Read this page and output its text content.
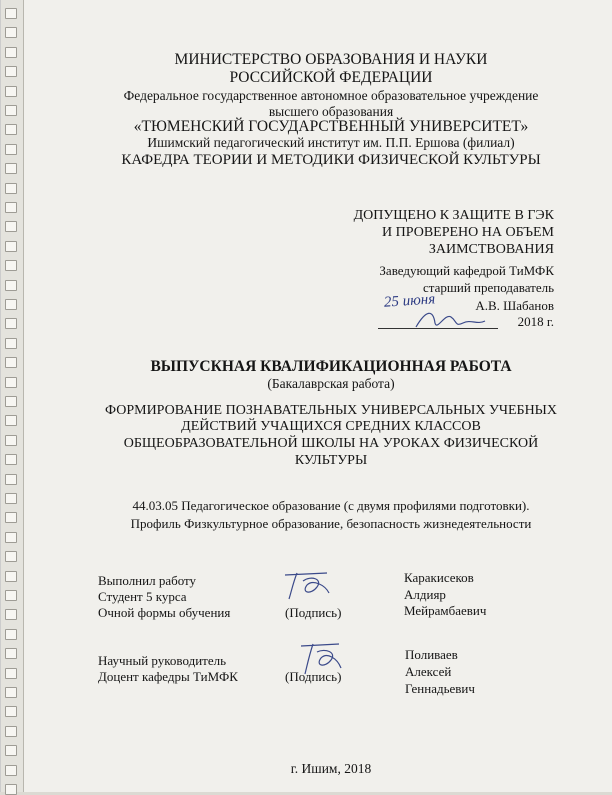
МИНИСТЕРСТВО ОБРАЗОВАНИЯ И НАУКИ
РОССИЙСКОЙ ФЕДЕРАЦИИ
Федеральное государственное автономное образовательное учреждение
высшего образования
«ТЮМЕНСКИЙ ГОСУДАРСТВЕННЫЙ УНИВЕРСИТЕТ»
Ишимский педагогический институт им. П.П. Ершова (филиал)
КАФЕДРА ТЕОРИИ И МЕТОДИКИ ФИЗИЧЕСКОЙ КУЛЬТУРЫ
ДОПУЩЕНО К ЗАЩИТЕ В ГЭК
И ПРОВЕРЕНО НА ОБЪЕМ
ЗАИМСТВОВАНИЯ
Заведующий кафедрой ТиМФК
старший преподаватель
25 июня	А.В. Шабанов
2018 г.
ВЫПУСКНАЯ КВАЛИФИКАЦИОННАЯ РАБОТА
(Бакалаврская работа)
ФОРМИРОВАНИЕ ПОЗНАВАТЕЛЬНЫХ УНИВЕРСАЛЬНЫХ УЧЕБНЫХ
ДЕЙСТВИЙ УЧАЩИХСЯ СРЕДНИХ КЛАССОВ
ОБЩЕОБРАЗОВАТЕЛЬНОЙ ШКОЛЫ НА УРОКАХ ФИЗИЧЕСКОЙ
КУЛЬТУРЫ
44.03.05 Педагогическое образование (с двумя профилями подготовки).
Профиль Физкультурное образование, безопасность жизнедеятельности
Выполнил работу
Студент 5 курса
Очной формы обучения	(Подпись)
Каракисеков
Алдияр
Мейрамбаевич
Научный руководитель
Доцент кафедры ТиМФК	(Подпись)
Поливаев
Алексей
Геннадьевич
г. Ишим, 2018
